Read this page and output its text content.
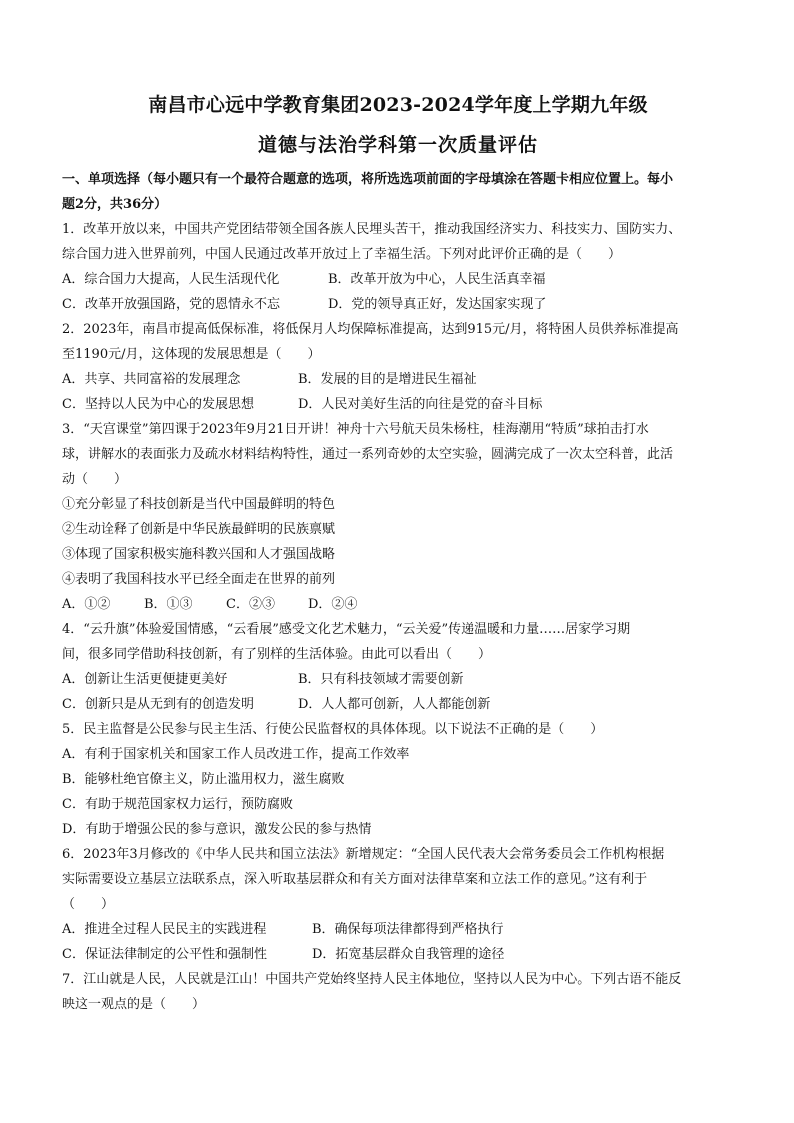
南昌市心远中学教育集团2023-2024学年度上学期九年级
道德与法治学科第一次质量评估
一、单项选择（每小题只有一个最符合题意的选项，将所选选项前面的字母填涂在答题卡相应位置上。每小
题2分，共36分）
1．改革开放以来，中国共产党团结带领全国各族人民埋头苦干，推动我国经济实力、科技实力、国防实力、
综合国力进入世界前列，中国人民通过改革开放过上了幸福生活。下列对此评价正确的是（　　）
A．综合国力大提高，人民生活现代化	B．改革开放为中心，人民生活真幸福
C．改革开放强国路，党的恩情永不忘	D．党的领导真正好，发达国家实现了
2．2023年，南昌市提高低保标准，将低保月人均保障标准提高，达到915元/月，将特困人员供养标准提高
至1190元/月，这体现的发展思想是（　　）
A．共享、共同富裕的发展理念	B．发展的目的是增进民生福祉
C．坚持以人民为中心的发展思想	D．人民对美好生活的向往是党的奋斗目标
3．“天宫课堂”第四课于2023年9月21日开讲！神舟十六号航天员朱杨柱，桂海潮用“特质”球拍击打水
球，讲解水的表面张力及疏水材料结构特性，通过一系列奇妙的太空实验，圆满完成了一次太空科普，此活
动（　　）
①充分彰显了科技创新是当代中国最鲜明的特色
②生动诠释了创新是中华民族最鲜明的民族禀赋
③体现了国家积极实施科教兴国和人才强国战略
④表明了我国科技水平已经全面走在世界的前列
A．①②	B．①③	C．②③	D．②④
4．“云升旗”体验爱国情感，“云看展”感受文化艺术魅力，“云关爱”传递温暖和力量……居家学习期
间，很多同学借助科技创新，有了别样的生活体验。由此可以看出（　　）
A．创新让生活更便捷更美好	B．只有科技领域才需要创新
C．创新只是从无到有的创造发明	D．人人都可创新，人人都能创新
5．民主监督是公民参与民主生活、行使公民监督权的具体体现。以下说法不正确的是（　　）
A．有利于国家机关和国家工作人员改进工作，提高工作效率
B．能够杜绝官僚主义，防止滥用权力，滋生腐败
C．有助于规范国家权力运行，预防腐败
D．有助于增强公民的参与意识，激发公民的参与热情
6．2023年3月修改的《中华人民共和国立法法》新增规定：“全国人民代表大会常务委员会工作机构根据
实际需要设立基层立法联系点，深入听取基层群众和有关方面对法律草案和立法工作的意见。”这有利于
（　　）
A．推进全过程人民民主的实践进程	B．确保每项法律都得到严格执行
C．保证法律制定的公平性和强制性	D．拓宽基层群众自我管理的途径
7．江山就是人民，人民就是江山！中国共产党始终坚持人民主体地位，坚持以人民为中心。下列古语不能反
映这一观点的是（　　）
